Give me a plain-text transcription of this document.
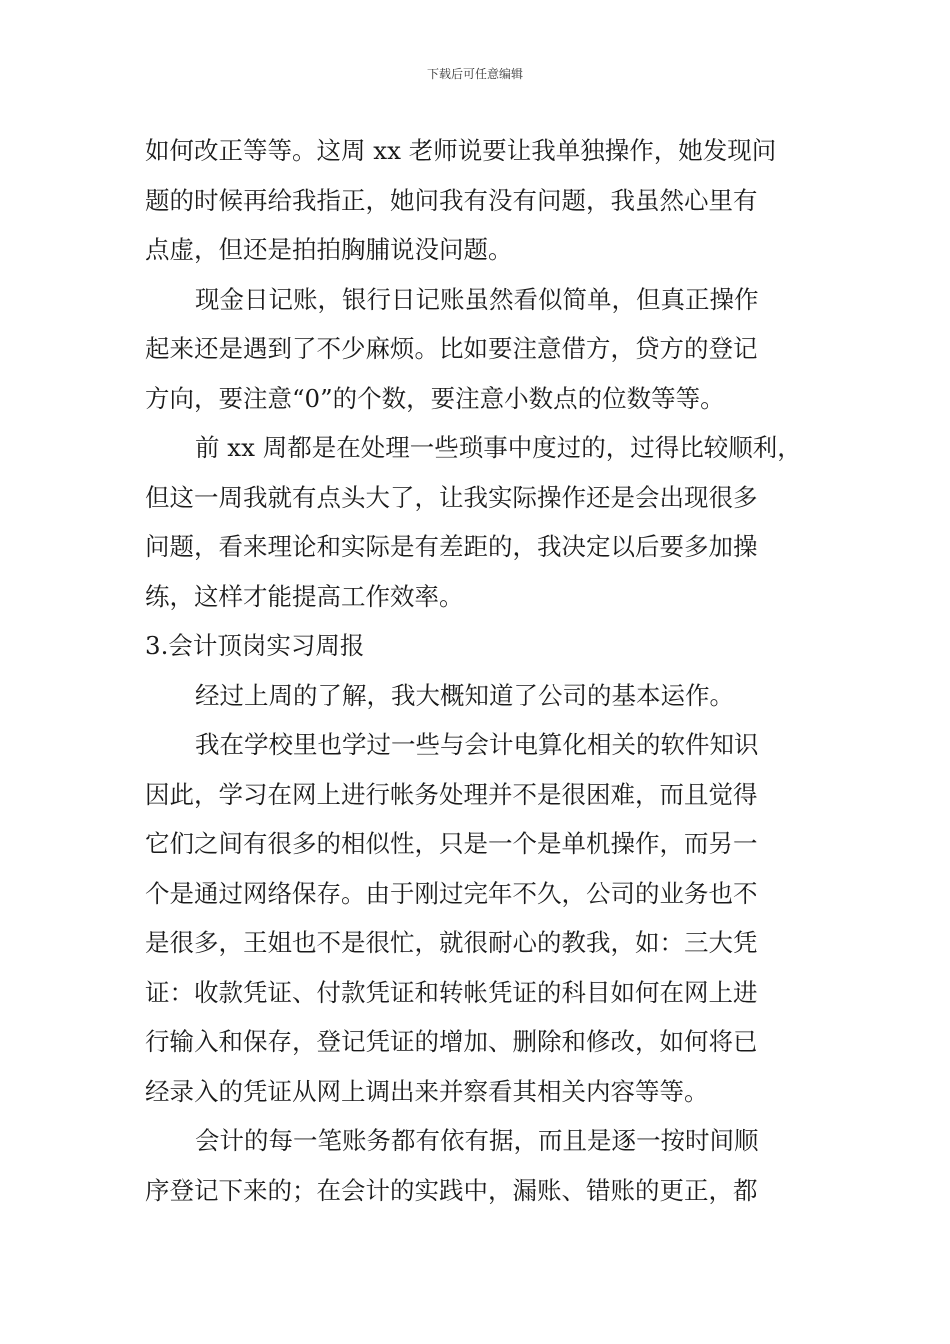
下载后可任意编辑
如何改正等等。这周 xx 老师说要让我单独操作，她发现问
题的时候再给我指正，她问我有没有问题，我虽然心里有
点虚，但还是拍拍胸脯说没问题。
现金日记账，银行日记账虽然看似简单，但真正操作
起来还是遇到了不少麻烦。比如要注意借方，贷方的登记
方向，要注意“0”的个数，要注意小数点的位数等等。
前 xx 周都是在处理一些琐事中度过的，过得比较顺利，
但这一周我就有点头大了，让我实际操作还是会出现很多
问题，看来理论和实际是有差距的，我决定以后要多加操
练，这样才能提高工作效率。
3.会计顶岗实习周报
经过上周的了解，我大概知道了公司的基本运作。
我在学校里也学过一些与会计电算化相关的软件知识
因此，学习在网上进行帐务处理并不是很困难，而且觉得
它们之间有很多的相似性，只是一个是单机操作，而另一
个是通过网络保存。由于刚过完年不久，公司的业务也不
是很多，王姐也不是很忙，就很耐心的教我，如：三大凭
证：收款凭证、付款凭证和转帐凭证的科目如何在网上进
行输入和保存，登记凭证的增加、删除和修改，如何将已
经录入的凭证从网上调出来并察看其相关内容等等。
会计的每一笔账务都有依有据，而且是逐一按时间顺
序登记下来的；在会计的实践中，漏账、错账的更正，都
